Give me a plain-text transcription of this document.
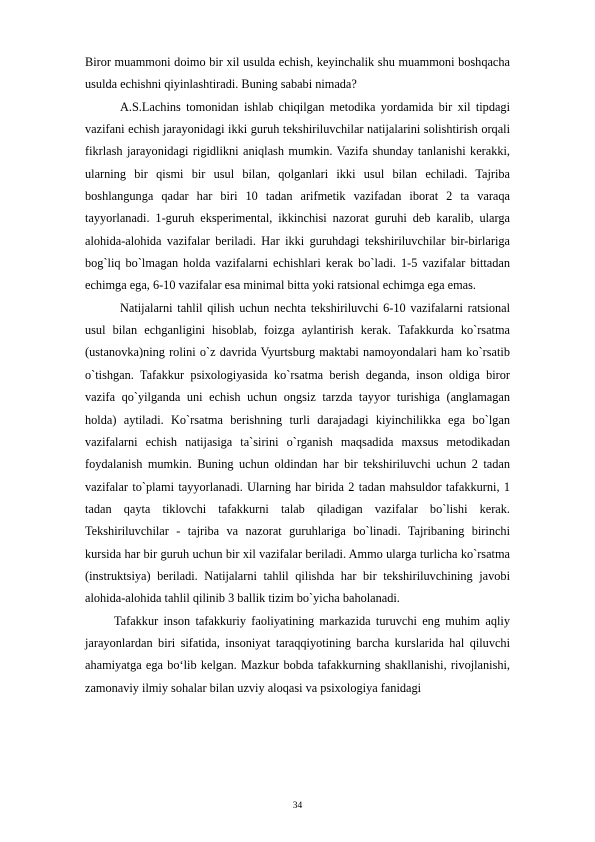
Biror muammoni doimo bir xil usulda echish, keyinchalik shu muammoni boshqacha usulda echishni qiyinlashtiradi. Buning sababi nimada?

A.S.Lachins tomonidan ishlab chiqilgan metodika yordamida bir xil tipdagi vazifani echish jarayonidagi ikki guruh tekshiriluvchilar natijalarini solishtirish orqali fikrlash jarayonidagi rigidlikni aniqlash mumkin. Vazifa shunday tanlanishi kerakki, ularning bir qismi bir usul bilan, qolganlari ikki usul bilan echiladi. Tajriba boshlangunga qadar har biri 10 tadan arifmetik vazifadan iborat 2 ta varaqa tayyorlanadi. 1-guruh eksperimental, ikkinchisi nazorat guruhi deb karalib, ularga alohida-alohida vazifalar beriladi. Har ikki guruhdagi tekshiriluvchilar bir-birlariga bog`liq bo`lmagan holda vazifalarni echishlari kerak bo`ladi. 1-5 vazifalar bittadan echimga ega, 6-10 vazifalar esa minimal bitta yoki ratsional echimga ega emas.

Natijalarni tahlil qilish uchun nechta tekshiriluvchi 6-10 vazifalarni ratsional usul bilan echganligini hisoblab, foizga aylantirish kerak. Tafakkurda ko`rsatma (ustanovka)ning rolini o`z davrida Vyurtsburg maktabi namoyondalari ham ko`rsatib o`tishgan. Tafakkur psixologiyasida ko`rsatma berish deganda, inson oldiga biror vazifa qo`yilganda uni echish uchun ongsiz tarzda tayyor turishiga (anglamagan holda) aytiladi. Ko`rsatma berishning turli darajadagi kiyinchilikka ega bo`lgan vazifalarni echish natijasiga ta`sirini o`rganish maqsadida maxsus metodikadan foydalanish mumkin. Buning uchun oldindan har bir tekshiriluvchi uchun 2 tadan vazifalar to`plami tayyorlanadi. Ularning har birida 2 tadan mahsuldor tafakkurni, 1 tadan qayta tiklovchi tafakkurni talab qiladigan vazifalar bo`lishi kerak. Tekshiriluvchilar - tajriba va nazorat guruhlariga bo`linadi. Tajribaning birinchi kursida har bir guruh uchun bir xil vazifalar beriladi. Ammo ularga turlicha ko`rsatma (instruktsiya) beriladi. Natijalarni tahlil qilishda har bir tekshiriluvchining javobi alohida-alohida tahlil qilinib 3 ballik tizim bo`yicha baholanadi.

Tafakkur inson tafakkuriy faoliyatining markazida turuvchi eng muhim aqliy jarayonlardan biri sifatida, insoniyat taraqqiyotining barcha kurslarida hal qiluvchi ahamiyatga ega bo‘lib kelgan. Mazkur bobda tafakkurning shakllanishi, rivojlanishi, zamonaviy ilmiy sohalar bilan uzviy aloqasi va psixologiya fanidagi

34
